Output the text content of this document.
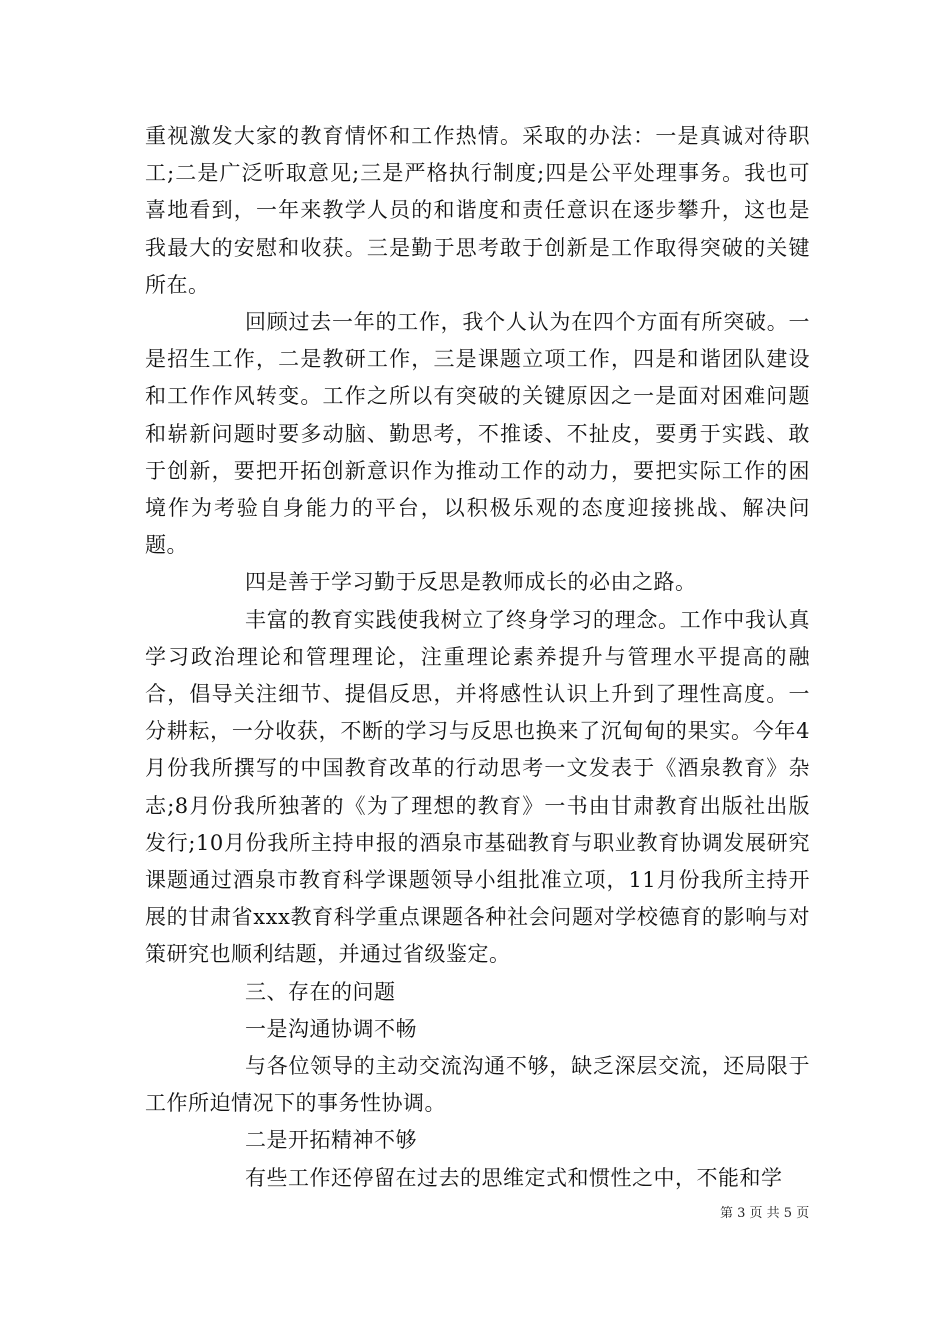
重视激发大家的教育情怀和工作热情。采取的办法：一是真诚对待职工;二是广泛听取意见;三是严格执行制度;四是公平处理事务。我也可喜地看到，一年来教学人员的和谐度和责任意识在逐步攀升，这也是我最大的安慰和收获。三是勤于思考敢于创新是工作取得突破的关键所在。

回顾过去一年的工作，我个人认为在四个方面有所突破。一是招生工作，二是教研工作，三是课题立项工作，四是和谐团队建设和工作作风转变。工作之所以有突破的关键原因之一是面对困难问题和崭新问题时要多动脑、勤思考，不推诿、不扯皮，要勇于实践、敢于创新，要把开拓创新意识作为推动工作的动力，要把实际工作的困境作为考验自身能力的平台，以积极乐观的态度迎接挑战、解决问题。

四是善于学习勤于反思是教师成长的必由之路。

丰富的教育实践使我树立了终身学习的理念。工作中我认真学习政治理论和管理理论，注重理论素养提升与管理水平提高的融合，倡导关注细节、提倡反思，并将感性认识上升到了理性高度。一分耕耘，一分收获，不断的学习与反思也换来了沉甸甸的果实。今年4月份我所撰写的中国教育改革的行动思考一文发表于《酒泉教育》杂志;8月份我所独著的《为了理想的教育》一书由甘肃教育出版社出版发行;10月份我所主持申报的酒泉市基础教育与职业教育协调发展研究课题通过酒泉市教育科学课题领导小组批准立项，11月份我所主持开展的甘肃省xxx教育科学重点课题各种社会问题对学校德育的影响与对策研究也顺利结题，并通过省级鉴定。

三、存在的问题

一是沟通协调不畅

与各位领导的主动交流沟通不够，缺乏深层交流，还局限于工作所迫情况下的事务性协调。

二是开拓精神不够

有些工作还停留在过去的思维定式和惯性之中，不能和学

第 3 页 共 5 页
